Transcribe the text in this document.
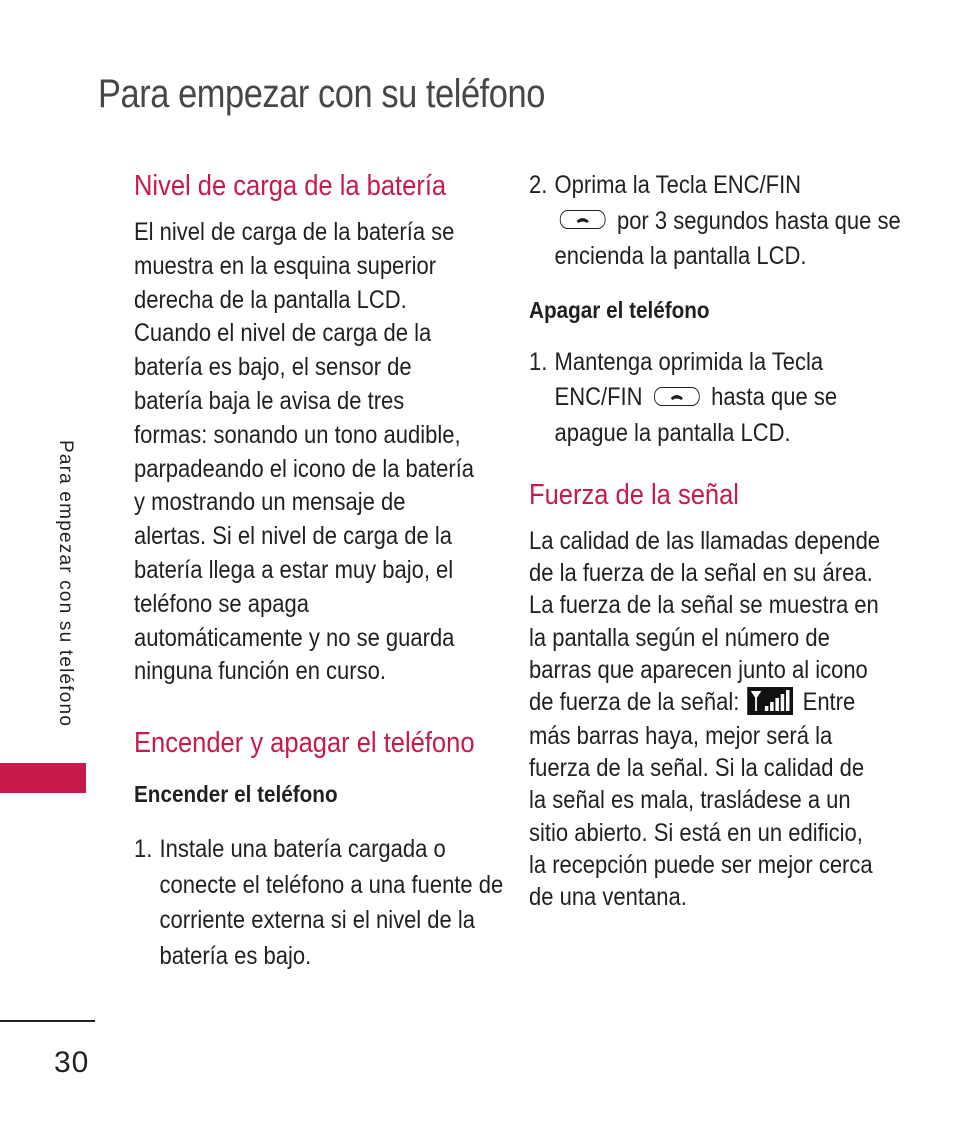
Para empezar con su teléfono
Para empezar con su teléfono
Nivel de carga de la batería

El nivel de carga de la batería se muestra en la esquina superior derecha de la pantalla LCD. Cuando el nivel de carga de la batería es bajo, el sensor de batería baja le avisa de tres formas: sonando un tono audible, parpadeando el icono de la batería y mostrando un mensaje de alertas. Si el nivel de carga de la batería llega a estar muy bajo, el teléfono se apaga automáticamente y no se guarda ninguna función en curso.

Encender y apagar el teléfono
Encender el teléfono
1. Instale una batería cargada o conecte el teléfono a una fuente de corriente externa si el nivel de la batería es bajo.
2. Oprima la Tecla ENC/FIN

por 3 segundos hasta que se encienda la pantalla LCD.
Apagar el teléfono
1. Mantenga oprimida la Tecla ENC/FIN	hasta que se apague la pantalla LCD.
Fuerza de la señal

La calidad de las llamadas depende de la fuerza de la señal en su área. La fuerza de la señal se muestra en la pantalla según el número de barras que aparecen junto al icono de fuerza de la señal:	Entre más barras haya, mejor será la fuerza de la señal. Si la calidad de la señal es mala, trasládese a un sitio abierto. Si está en un edificio, la recepción puede ser mejor cerca de una ventana.

30
